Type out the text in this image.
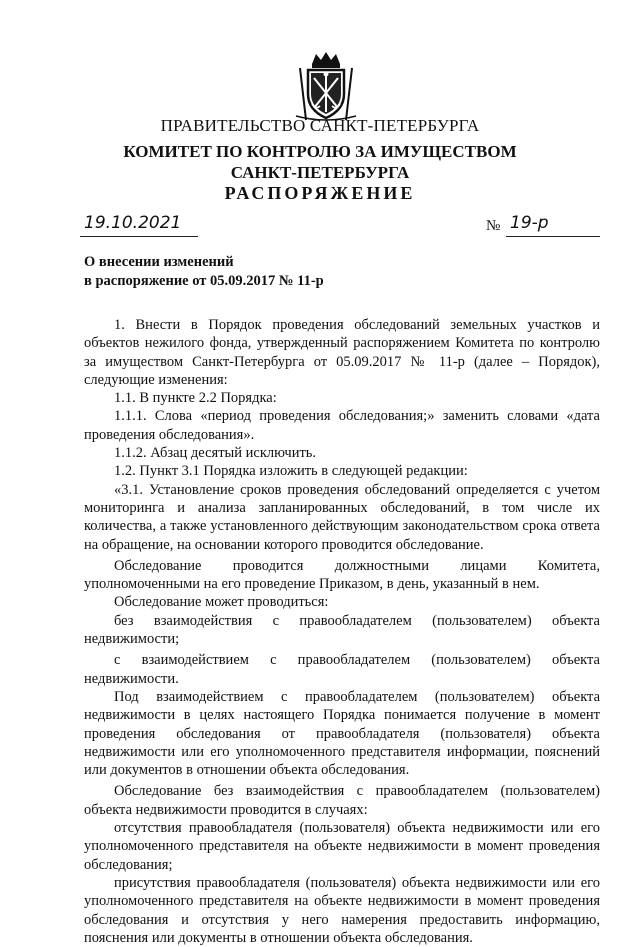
ПРАВИТЕЛЬСТВО САНКТ-ПЕТЕРБУРГА
КОМИТЕТ ПО КОНТРОЛЮ ЗА ИМУЩЕСТВОМ
САНКТ-ПЕТЕРБУРГА
РАСПОРЯЖЕНИЕ
19.10.2021	№ 19-р
О внесении изменений
в распоряжение от 05.09.2017 № 11-р

1. Внести в Порядок проведения обследований земельных участков и объектов нежилого фонда, утвержденный распоряжением Комитета по контролю за имуществом Санкт-Петербурга от 05.09.2017 № 11-р (далее – Порядок), следующие изменения:

1.1. В пункте 2.2 Порядка:

1.1.1. Слова «период проведения обследования;» заменить словами «дата проведения обследования».

1.1.2. Абзац десятый исключить.

1.2. Пункт 3.1 Порядка изложить в следующей редакции:

«3.1. Установление сроков проведения обследований определяется с учетом мониторинга и анализа запланированных обследований, в том числе их количества, а также установленного действующим законодательством срока ответа на обращение, на основании которого проводится обследование.

Обследование проводится должностными лицами Комитета, уполномоченными на его проведение Приказом, в день, указанный в нем.

Обследование может проводиться:

без взаимодействия с правообладателем (пользователем) объекта недвижимости;

с взаимодействием с правообладателем (пользователем) объекта недвижимости.

Под взаимодействием с правообладателем (пользователем) объекта недвижимости в целях настоящего Порядка понимается получение в момент проведения обследования от правообладателя (пользователя) объекта недвижимости или его уполномоченного представителя информации, пояснений или документов в отношении объекта обследования.

Обследование без взаимодействия с правообладателем (пользователем) объекта недвижимости проводится в случаях:

отсутствия правообладателя (пользователя) объекта недвижимости или его уполномоченного представителя на объекте недвижимости в момент проведения обследования;

присутствия правообладателя (пользователя) объекта недвижимости или его уполномоченного представителя на объекте недвижимости в момент проведения обследования и отсутствия у него намерения предоставить информацию, пояснения или документы в отношении объекта обследования.
